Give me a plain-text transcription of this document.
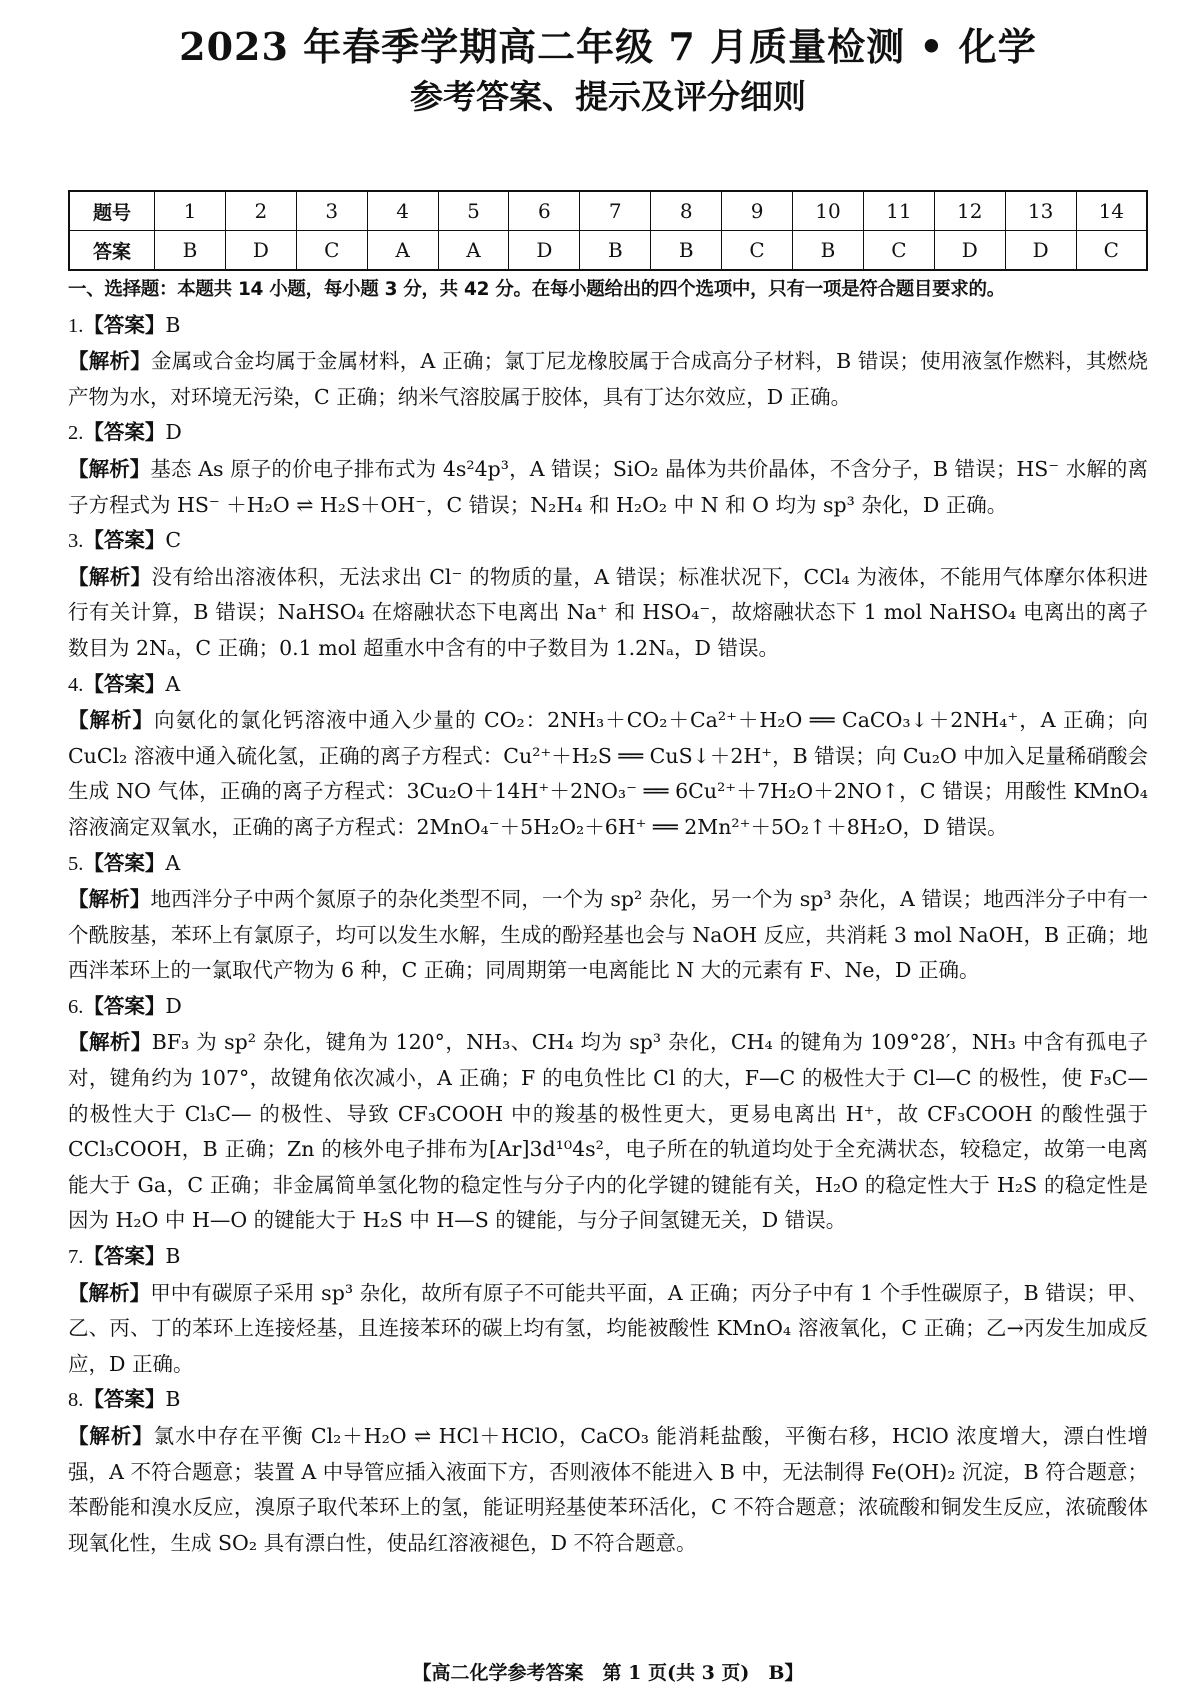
2023 年春季学期高二年级 7 月质量检测 • 化学
参考答案、提示及评分细则
题号	1	2	3	4	5	6	7	8	9	10	11	12	13	14
答案	B	D	C	A	A	D	B	B	C	B	C	D	D	C
一、选择题：本题共 14 小题，每小题 3 分，共 42 分。在每小题给出的四个选项中，只有一项是符合题目要求的。
1.【答案】B
【解析】金属或合金均属于金属材料，A 正确；氯丁尼龙橡胶属于合成高分子材料，B 错误；使用液氢作燃料，其燃烧产物为水，对环境无污染，C 正确；纳米气溶胶属于胶体，具有丁达尔效应，D 正确。
2.【答案】D
【解析】基态 As 原子的价电子排布式为 4s²4p³，A 错误；SiO₂ 晶体为共价晶体，不含分子，B 错误；HS⁻ 水解的离子方程式为 HS⁻ ＋H₂O ⇌ H₂S＋OH⁻，C 错误；N₂H₄ 和 H₂O₂ 中 N 和 O 均为 sp³ 杂化，D 正确。
3.【答案】C
【解析】没有给出溶液体积，无法求出 Cl⁻ 的物质的量，A 错误；标准状况下，CCl₄ 为液体，不能用气体摩尔体积进行有关计算，B 错误；NaHSO₄ 在熔融状态下电离出 Na⁺ 和 HSO₄⁻，故熔融状态下 1 mol NaHSO₄ 电离出的离子数目为 2Nₐ，C 正确；0.1 mol 超重水中含有的中子数目为 1.2Nₐ，D 错误。
4.【答案】A
【解析】向氨化的氯化钙溶液中通入少量的 CO₂：2NH₃＋CO₂＋Ca²⁺＋H₂O ══ CaCO₃↓＋2NH₄⁺，A 正确；向 CuCl₂ 溶液中通入硫化氢，正确的离子方程式：Cu²⁺＋H₂S ══ CuS↓＋2H⁺，B 错误；向 Cu₂O 中加入足量稀硝酸会生成 NO 气体，正确的离子方程式：3Cu₂O＋14H⁺＋2NO₃⁻ ══ 6Cu²⁺＋7H₂O＋2NO↑，C 错误；用酸性 KMnO₄ 溶液滴定双氧水，正确的离子方程式：2MnO₄⁻＋5H₂O₂＋6H⁺ ══ 2Mn²⁺＋5O₂↑＋8H₂O，D 错误。
5.【答案】A
【解析】地西泮分子中两个氮原子的杂化类型不同，一个为 sp² 杂化，另一个为 sp³ 杂化，A 错误；地西泮分子中有一个酰胺基，苯环上有氯原子，均可以发生水解，生成的酚羟基也会与 NaOH 反应，共消耗 3 mol NaOH，B 正确；地西泮苯环上的一氯取代产物为 6 种，C 正确；同周期第一电离能比 N 大的元素有 F、Ne，D 正确。
6.【答案】D
【解析】BF₃ 为 sp² 杂化，键角为 120°，NH₃、CH₄ 均为 sp³ 杂化，CH₄ 的键角为 109°28′，NH₃ 中含有孤电子对，键角约为 107°，故键角依次减小，A 正确；F 的电负性比 Cl 的大，F—C 的极性大于 Cl—C 的极性，使 F₃C— 的极性大于 Cl₃C— 的极性、导致 CF₃COOH 中的羧基的极性更大，更易电离出 H⁺，故 CF₃COOH 的酸性强于 CCl₃COOH，B 正确；Zn 的核外电子排布为[Ar]3d¹⁰4s²，电子所在的轨道均处于全充满状态，较稳定，故第一电离能大于 Ga，C 正确；非金属简单氢化物的稳定性与分子内的化学键的键能有关，H₂O 的稳定性大于 H₂S 的稳定性是因为 H₂O 中 H—O 的键能大于 H₂S 中 H—S 的键能，与分子间氢键无关，D 错误。
7.【答案】B
【解析】甲中有碳原子采用 sp³ 杂化，故所有原子不可能共平面，A 正确；丙分子中有 1 个手性碳原子，B 错误；甲、乙、丙、丁的苯环上连接烃基，且连接苯环的碳上均有氢，均能被酸性 KMnO₄ 溶液氧化，C 正确；乙→丙发生加成反应，D 正确。
8.【答案】B
【解析】氯水中存在平衡 Cl₂＋H₂O ⇌ HCl＋HClO，CaCO₃ 能消耗盐酸，平衡右移，HClO 浓度增大，漂白性增强，A 不符合题意；装置 A 中导管应插入液面下方，否则液体不能进入 B 中，无法制得 Fe(OH)₂ 沉淀，B 符合题意；苯酚能和溴水反应，溴原子取代苯环上的氢，能证明羟基使苯环活化，C 不符合题意；浓硫酸和铜发生反应，浓硫酸体现氧化性，生成 SO₂ 具有漂白性，使品红溶液褪色，D 不符合题意。
【高二化学参考答案　第 1 页(共 3 页)　B】
